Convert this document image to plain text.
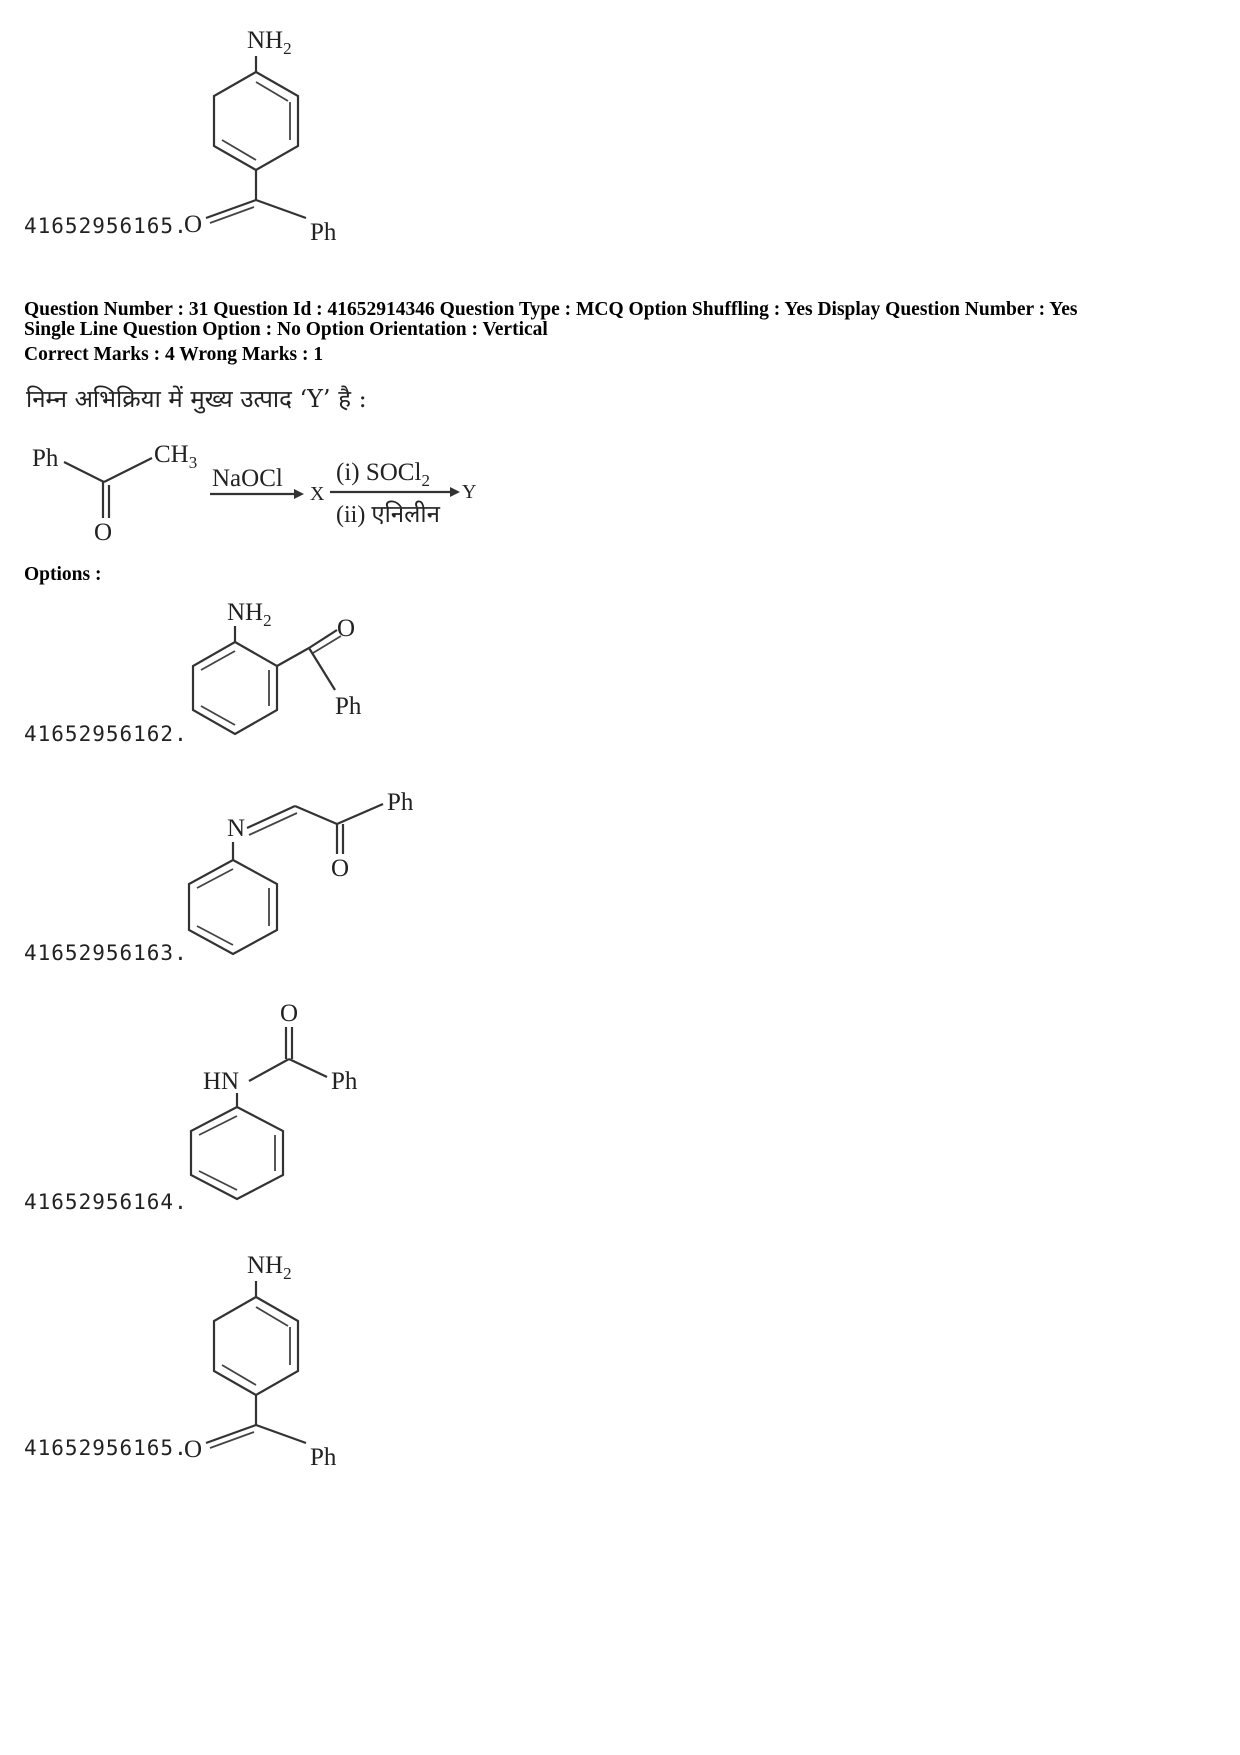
$NH_2$
O	Ph
41652956165.
Question Number : 31 Question Id : 41652914346 Question Type : MCQ Option Shuffling : Yes Display Question Number : Yes
Single Line Question Option : No Option Orientation : Vertical
Correct Marks : 4 Wrong Marks : 1
निम्न अभिक्रिया में मुख्य उत्पाद ‘Y’ है :
Ph	$CH_3$
O
NaOCl
X
(i) SOCl$_2$
(ii) एनिलीन
Y
Options :
$NH_2$	O
Ph
41652956162.
N
O
Ph
41652956163.
O
HN	Ph
41652956164.
$NH_2$
O	Ph
41652956165.
